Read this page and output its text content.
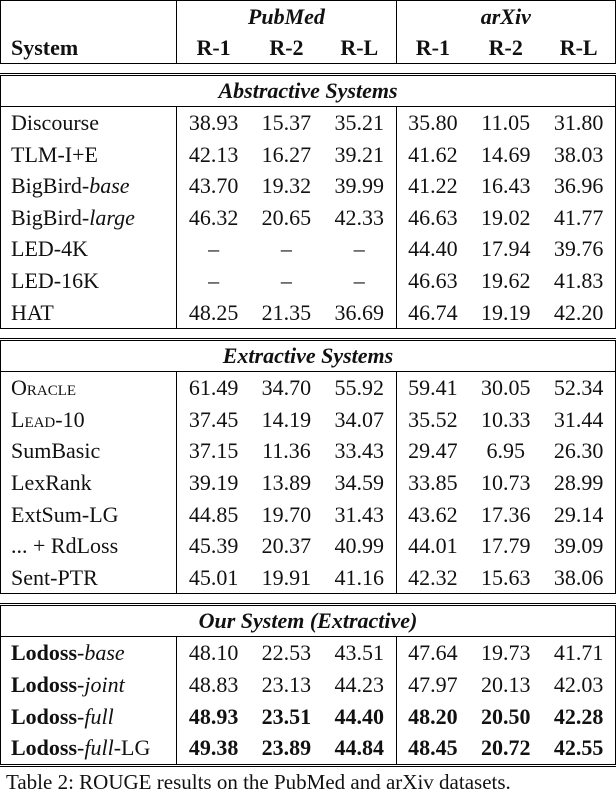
	PubMed			arXiv		
System	R-1	R-2	R-L	R-1	R-2	R-L

Abstractive Systems						
Discourse	38.93	15.37	35.21	35.80	11.05	31.80
TLM-I+E	42.13	16.27	39.21	41.62	14.69	38.03
BigBird-base	43.70	19.32	39.99	41.22	16.43	36.96
BigBird-large	46.32	20.65	42.33	46.63	19.02	41.77
LED-4K	–	–	–	44.40	17.94	39.76
LED-16K	–	–	–	46.63	19.62	41.83
HAT	48.25	21.35	36.69	46.74	19.19	42.20

Extractive Systems						
Oracle	61.49	34.70	55.92	59.41	30.05	52.34
Lead-10	37.45	14.19	34.07	35.52	10.33	31.44
SumBasic	37.15	11.36	33.43	29.47	6.95	26.30
LexRank	39.19	13.89	34.59	33.85	10.73	28.99
ExtSum-LG	44.85	19.70	31.43	43.62	17.36	29.14
... + RdLoss	45.39	20.37	40.99	44.01	17.79	39.09
Sent-PTR	45.01	19.91	41.16	42.32	15.63	38.06

Our System (Extractive)						
Lodoss-base	48.10	22.53	43.51	47.64	19.73	41.71
Lodoss-joint	48.83	23.13	44.23	47.97	20.13	42.03
Lodoss-full	48.93	23.51	44.40	48.20	20.50	42.28
Lodoss-full-LG	49.38	23.89	44.84	48.45	20.72	42.55
Table 2: ROUGE results on the PubMed and arXiv datasets.
